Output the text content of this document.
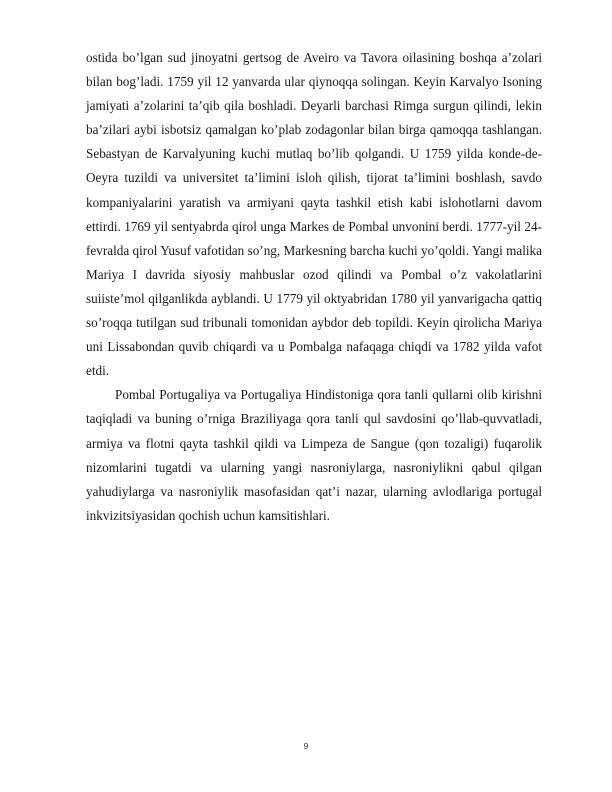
ostida bo’lgan sud jinoyatni gertsog de Aveiro va Tavora oilasining boshqa a’zolari bilan bog’ladi. 1759 yil 12 yanvarda ular qiynoqqa solingan. Keyin Karvalyo Isoning jamiyati a’zolarini ta’qib qila boshladi. Deyarli barchasi Rimga surgun qilindi, lekin ba’zilari aybi isbotsiz qamalgan ko’plab zodagonlar bilan birga qamoqqa tashlangan. Sebastyan de Karvalyuning kuchi mutlaq bo’lib qolgandi. U 1759 yilda konde-de-Oeyra tuzildi va universitet ta’limini isloh qilish, tijorat ta’limini boshlash, savdo kompaniyalarini yaratish va armiyani qayta tashkil etish kabi islohotlarni davom ettirdi. 1769 yil sentyabrda qirol unga Markes de Pombal unvonini berdi. 1777-yil 24-fevralda qirol Yusuf vafotidan so’ng, Markesning barcha kuchi yo’qoldi. Yangi malika Mariya I davrida siyosiy mahbuslar ozod qilindi va Pombal o’z vakolatlarini suiiste’mol qilganlikda ayblandi. U 1779 yil oktyabridan 1780 yil yanvarigacha qattiq so’roqqa tutilgan sud tribunali tomonidan aybdor deb topildi. Keyin qirolicha Mariya uni Lissabondan quvib chiqardi va u Pombalga nafaqaga chiqdi va 1782 yilda vafot etdi.

Pombal Portugaliya va Portugaliya Hindistoniga qora tanli qullarni olib kirishni taqiqladi va buning o’rniga Braziliyaga qora tanli qul savdosini qo’llab-quvvatladi, armiya va flotni qayta tashkil qildi va Limpeza de Sangue (qon tozaligi) fuqarolik nizomlarini tugatdi va ularning yangi nasroniylarga, nasroniylikni qabul qilgan yahudiylarga va nasroniylik masofasidan qat’i nazar, ularning avlodlariga portugal inkvizitsiyasidan qochish uchun kamsitishlari.

9
